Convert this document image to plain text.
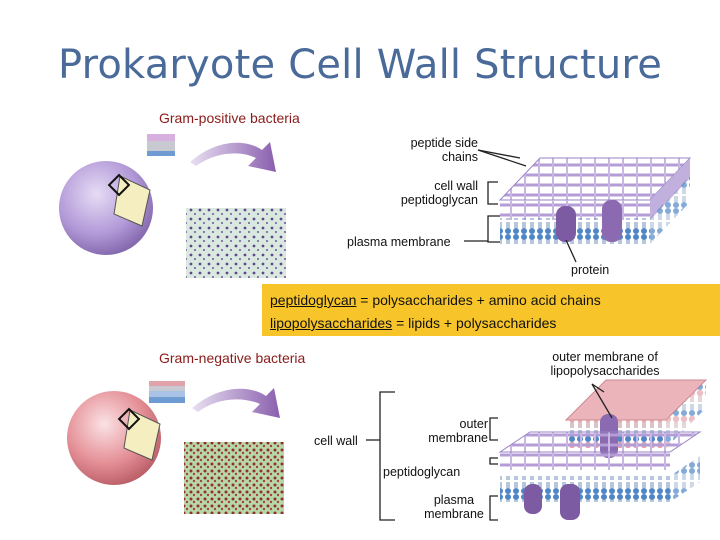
Prokaryote Cell Wall Structure
Gram-positive bacteria
peptide side
chains
cell wall
peptidoglycan
plasma membrane
protein
peptidoglycan = polysaccharides + amino acid chains
lipopolysaccharides = lipids + polysaccharides
Gram-negative bacteria	outer membrane of
lipopolysaccharides
cell wall
outer
membrane
peptidoglycan
plasma
membrane
